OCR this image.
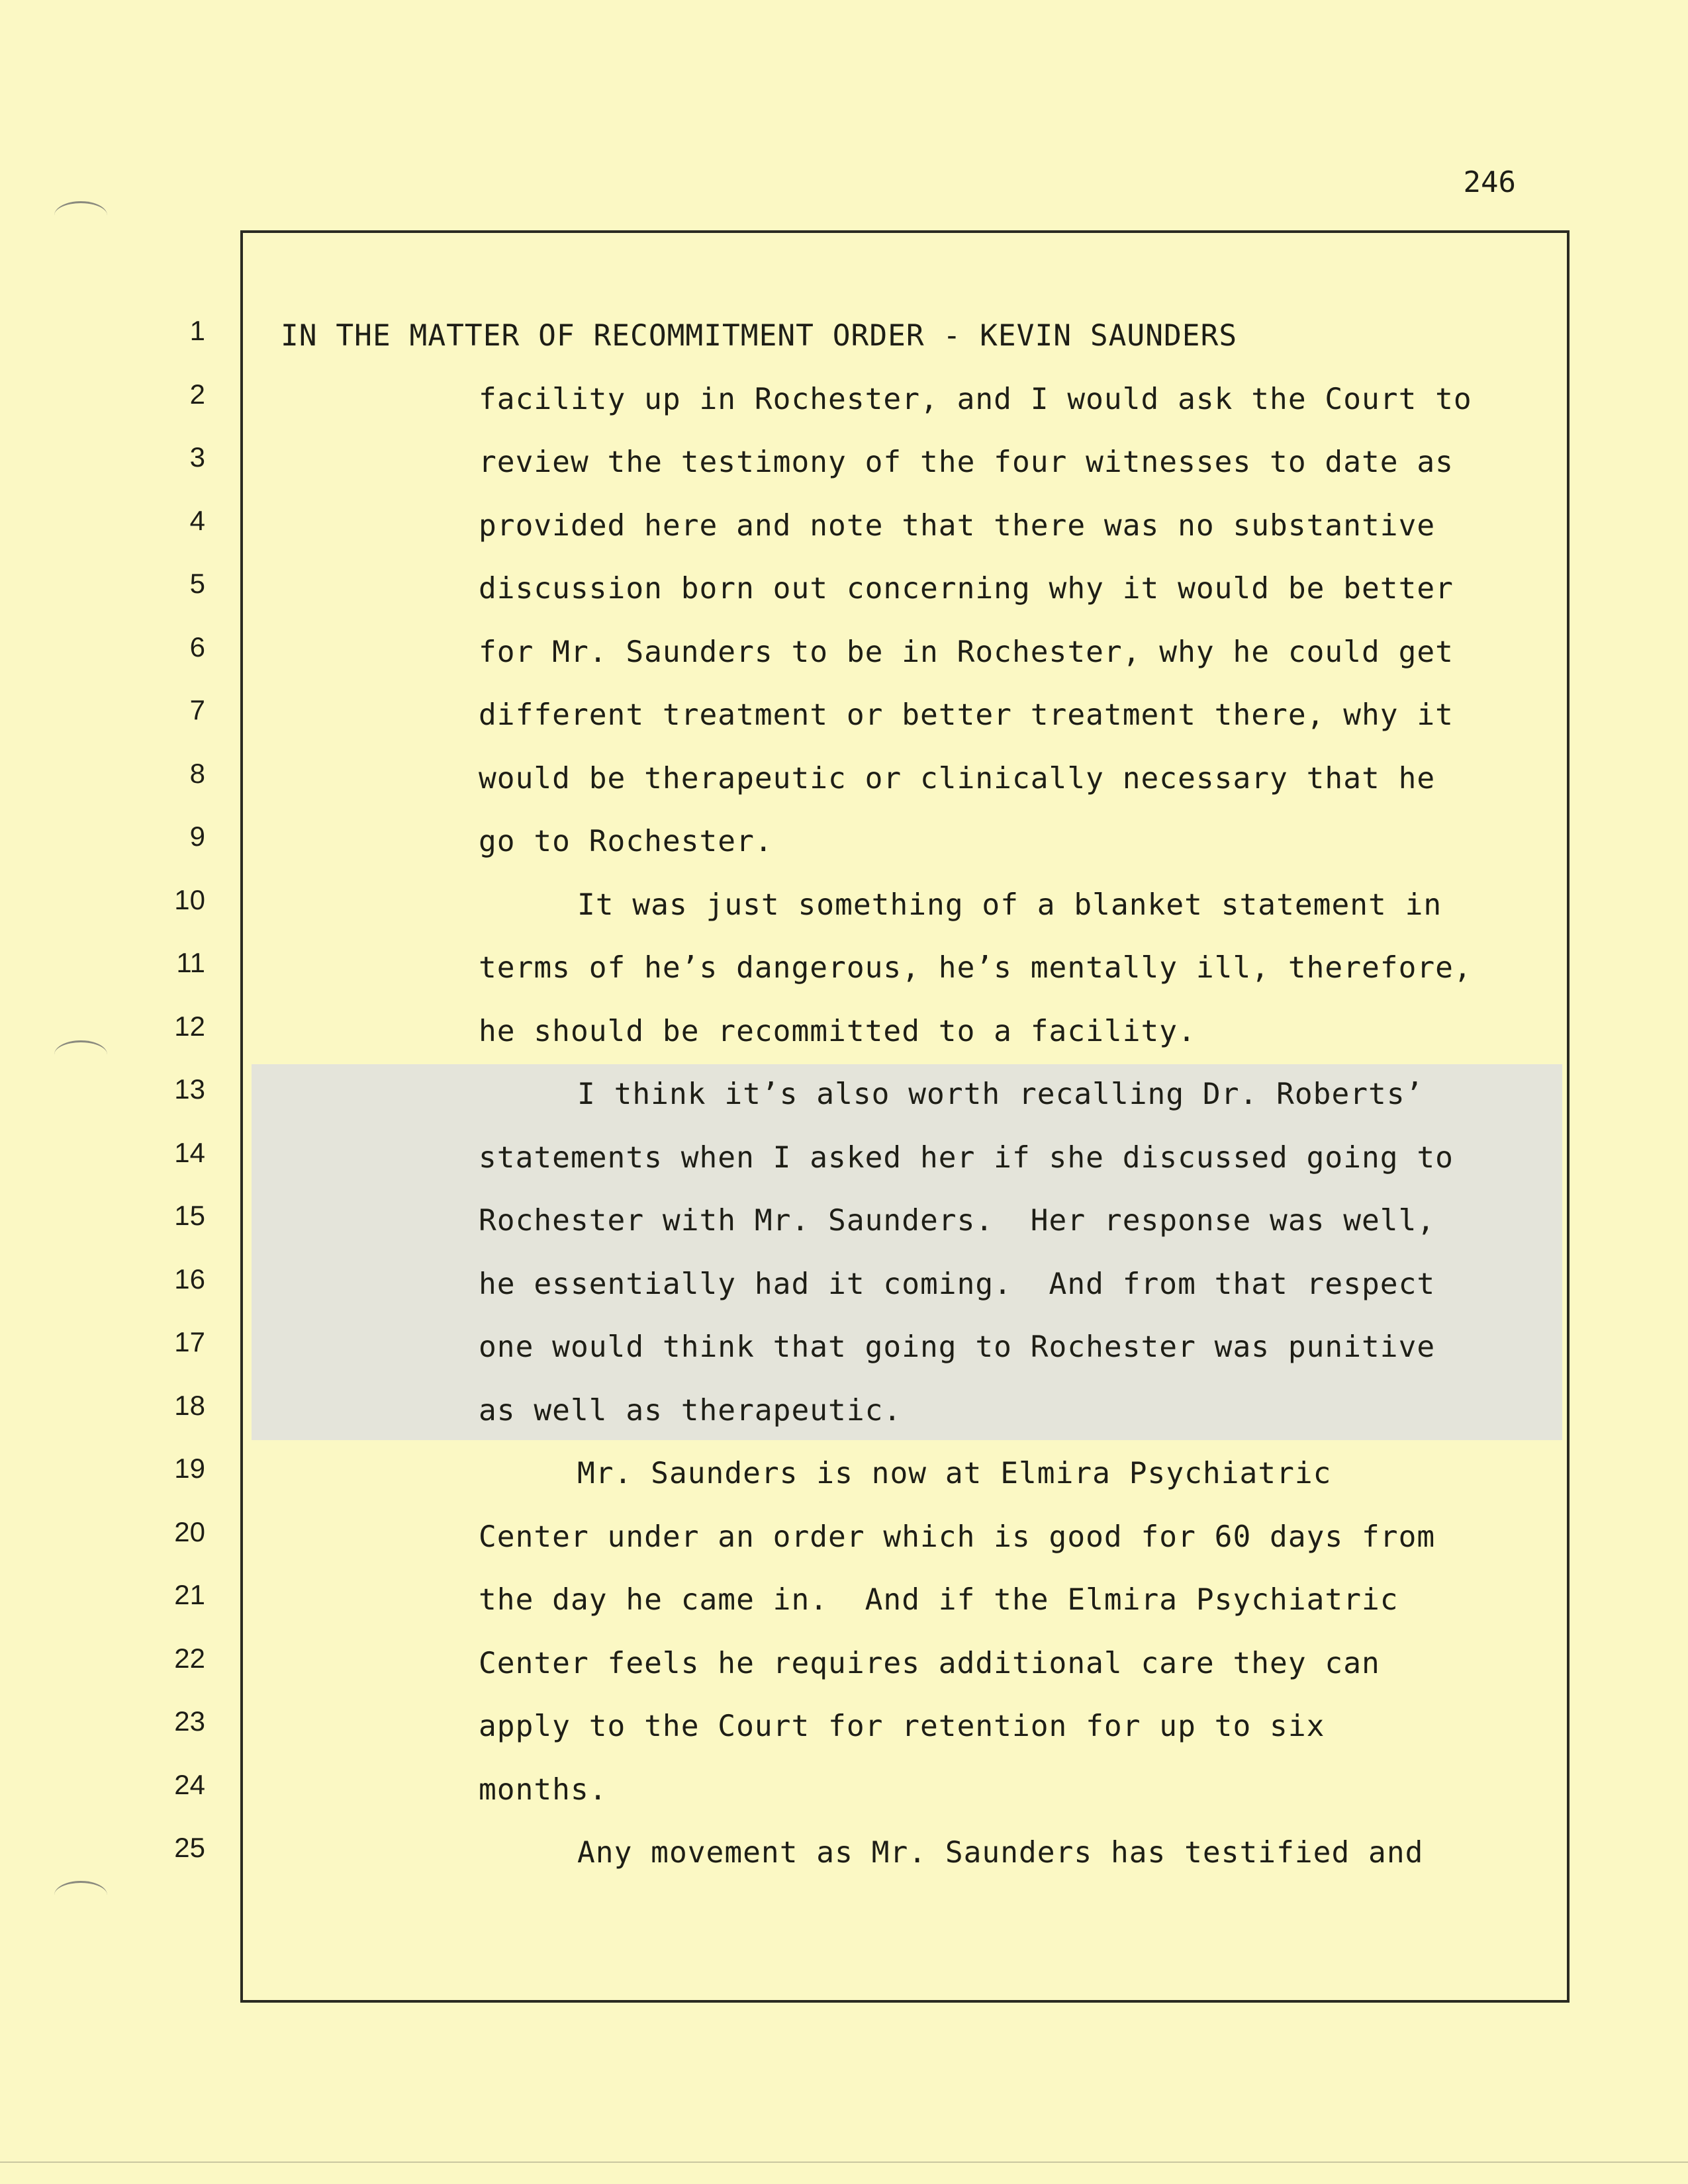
246
1
2
3
4
5
6
7
8
9
10
11
12
13
14
15
16
17
18
19
20
21
22
23
24
25
IN THE MATTER OF RECOMMITMENT ORDER - KEVIN SAUNDERS
facility up in Rochester, and I would ask the Court to
review the testimony of the four witnesses to date as
provided here and note that there was no substantive
discussion born out concerning why it would be better
for Mr. Saunders to be in Rochester, why he could get
different treatment or better treatment there, why it
would be therapeutic or clinically necessary that he
go to Rochester.
It was just something of a blanket statement in
terms of he’s dangerous, he’s mentally ill, therefore,
he should be recommitted to a facility.
I think it’s also worth recalling Dr. Roberts’
statements when I asked her if she discussed going to
Rochester with Mr. Saunders.  Her response was well,
he essentially had it coming.  And from that respect
one would think that going to Rochester was punitive
as well as therapeutic.
Mr. Saunders is now at Elmira Psychiatric
Center under an order which is good for 60 days from
the day he came in.  And if the Elmira Psychiatric
Center feels he requires additional care they can
apply to the Court for retention for up to six
months.
Any movement as Mr. Saunders has testified and
